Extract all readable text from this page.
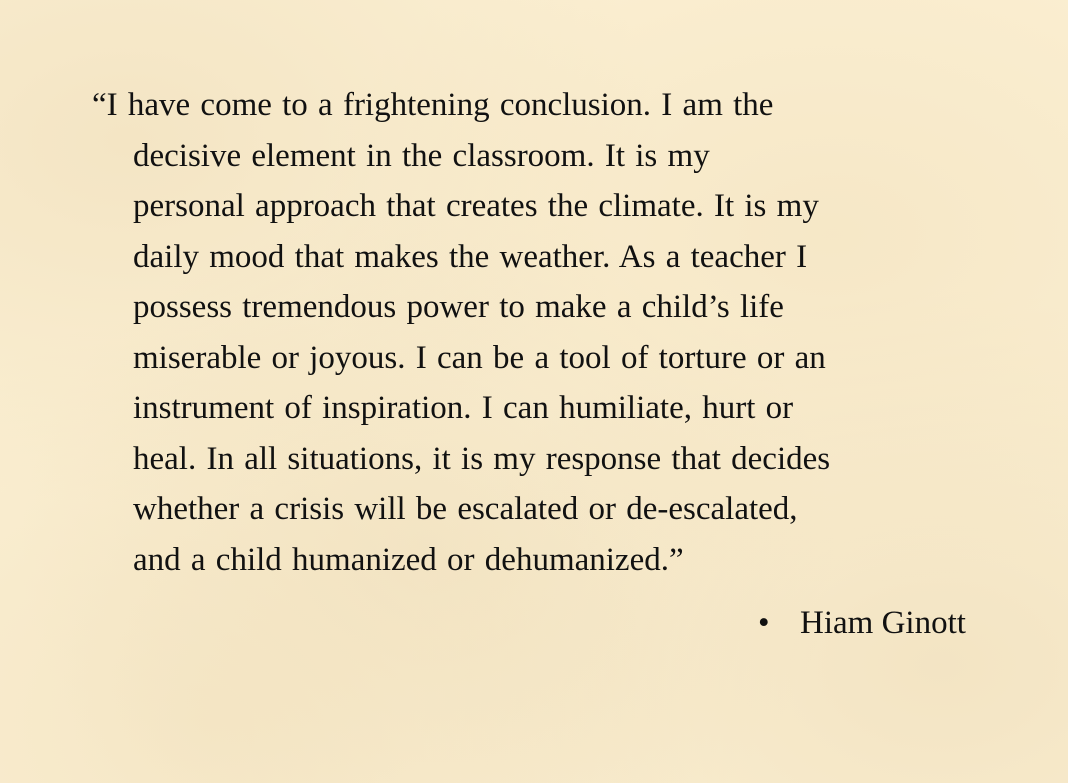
“I have come to a frightening conclusion. I am the
decisive element in the classroom. It is my
personal approach that creates the climate. It is my
daily mood that makes the weather. As a teacher I
possess tremendous power to make a child’s life
miserable or joyous. I can be a tool of torture or an
instrument of inspiration. I can humiliate, hurt or
heal. In all situations, it is my response that decides
whether a crisis will be escalated or de-escalated,
and a child humanized or dehumanized.”

• Hiam Ginott
